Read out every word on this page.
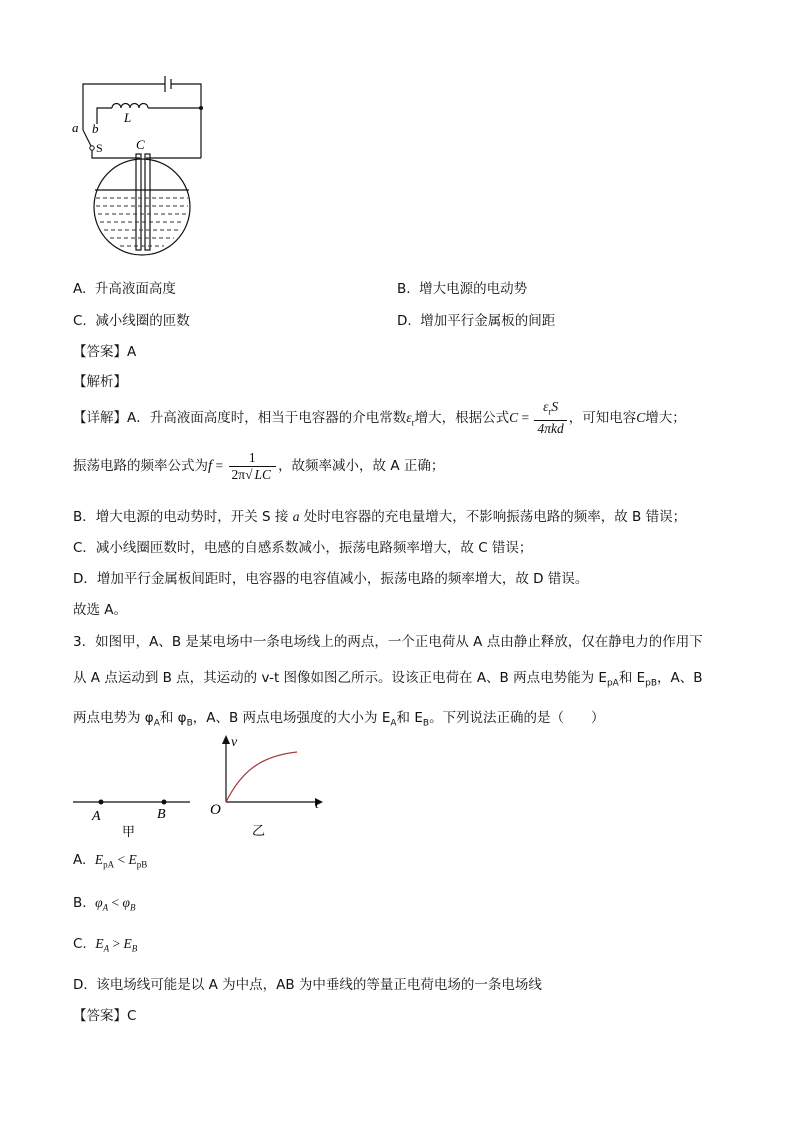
a b
L
S	C
A. 升高液面高度	B. 增大电源的电动势
C. 减小线圈的匝数	D. 增加平行金属板的间距
【答案】A
【解析】
【详解】A．升高液面高度时，相当于电容器的介电常数$\varepsilon_r$增大，根据公式$C = \frac{\varepsilon_rS}{\text{4πkd}}$ ，可知电容C增大；
振荡电路的频率公式为$f = \frac{1}{2\pi√ LC}$ ，故频率减小，故 A 正确；
B．增大电源的电动势时，开关 S 接 a 处时电容器的充电量增大，不影响振荡电路的频率，故 B 错误；
C．减小线圈匝数时，电感的自感系数减小，振荡电路频率增大，故 C 错误；
D．增加平行金属板间距时，电容器的电容值减小，振荡电路的频率增大，故 D 错误。
故选 A。
3．如图甲，A、B 是某电场中一条电场线上的两点，一个正电荷从 A 点由静止释放，仅在静电力的作用下
从 A 点运动到 B 点，其运动的 v-t 图像如图乙所示。设该正电荷在 A、B 两点电势能为 $E_{pA}$和 $E_{pB}$，A、B
两点电势为 $\varphi_A$和 $\varphi_B$，A、B 两点电场强度的大小为 $E_A$和 $E_B$。下列说法正确的是（　　）
A	B
甲
v
t
O
乙
A. $E_{pA} < E_{pB}$
B. $\varphi_A < \varphi_B$
C. $E_A > E_B$
D. 该电场线可能是以 A 为中点，AB 为中垂线的等量正电荷电场的一条电场线
【答案】C
